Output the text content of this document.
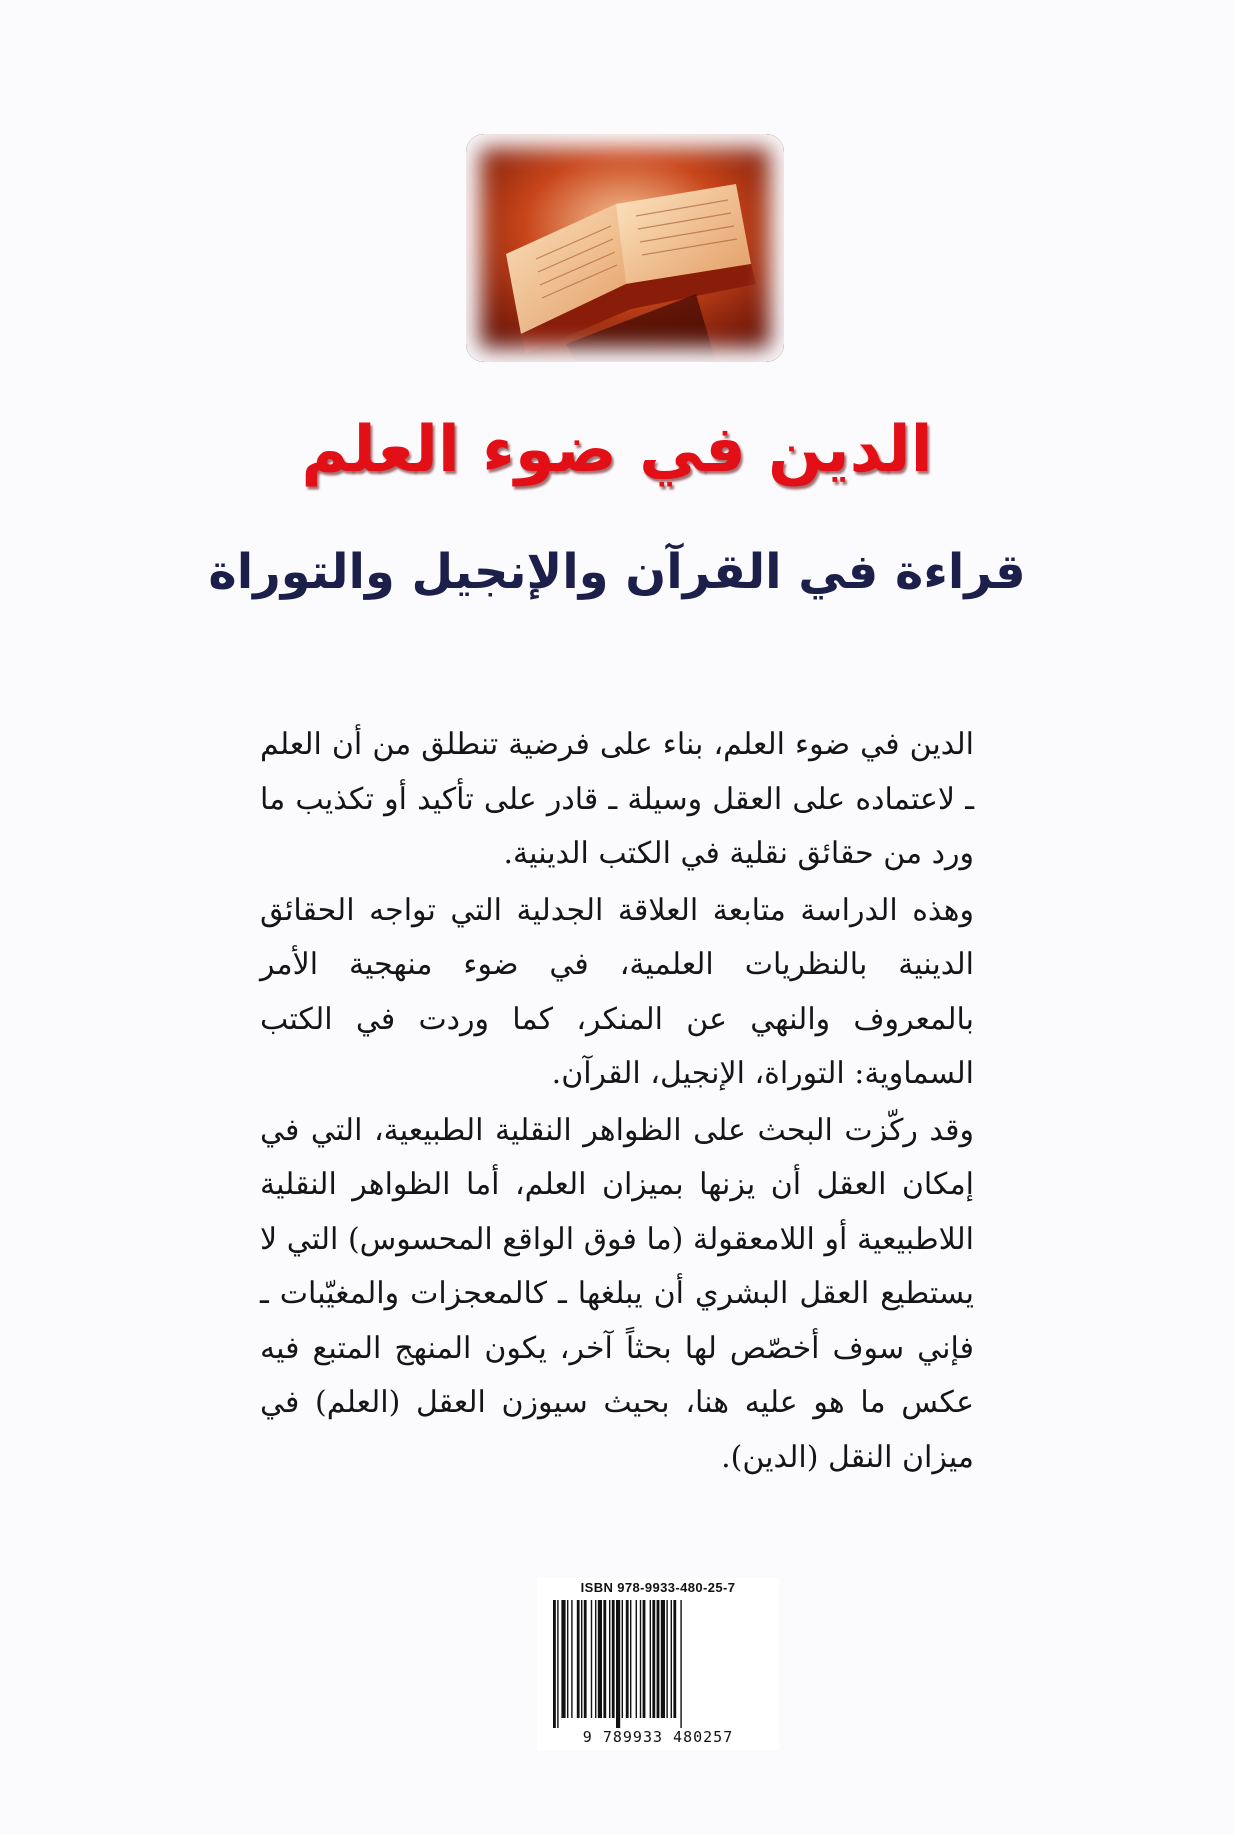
الدين في ضوء العلم
قراءة في القرآن والإنجيل والتوراة

الدين في ضوء العلم، بناء على فرضية تنطلق من أن العلم ـ لاعتماده على العقل وسيلة ـ قادر على تأكيد أو تكذيب ما ورد من حقائق نقلية في الكتب الدينية.

وهذه الدراسة متابعة العلاقة الجدلية التي تواجه الحقائق الدينية بالنظريات العلمية، في ضوء منهجية الأمر بالمعروف والنهي عن المنكر، كما وردت في الكتب السماوية: التوراة، الإنجيل، القرآن.

وقد ركّزت البحث على الظواهر النقلية الطبيعية، التي في إمكان العقل أن يزنها بميزان العلم، أما الظواهر النقلية اللاطبيعية أو اللامعقولة (ما فوق الواقع المحسوس) التي لا يستطيع العقل البشري أن يبلغها ـ كالمعجزات والمغيّبات ـ فإني سوف أخصّص لها بحثاً آخر، يكون المنهج المتبع فيه عكس ما هو عليه هنا، بحيث سيوزن العقل (العلم) في ميزان النقل (الدين).

ISBN 978-9933-480-25-7
9 789933 480257
